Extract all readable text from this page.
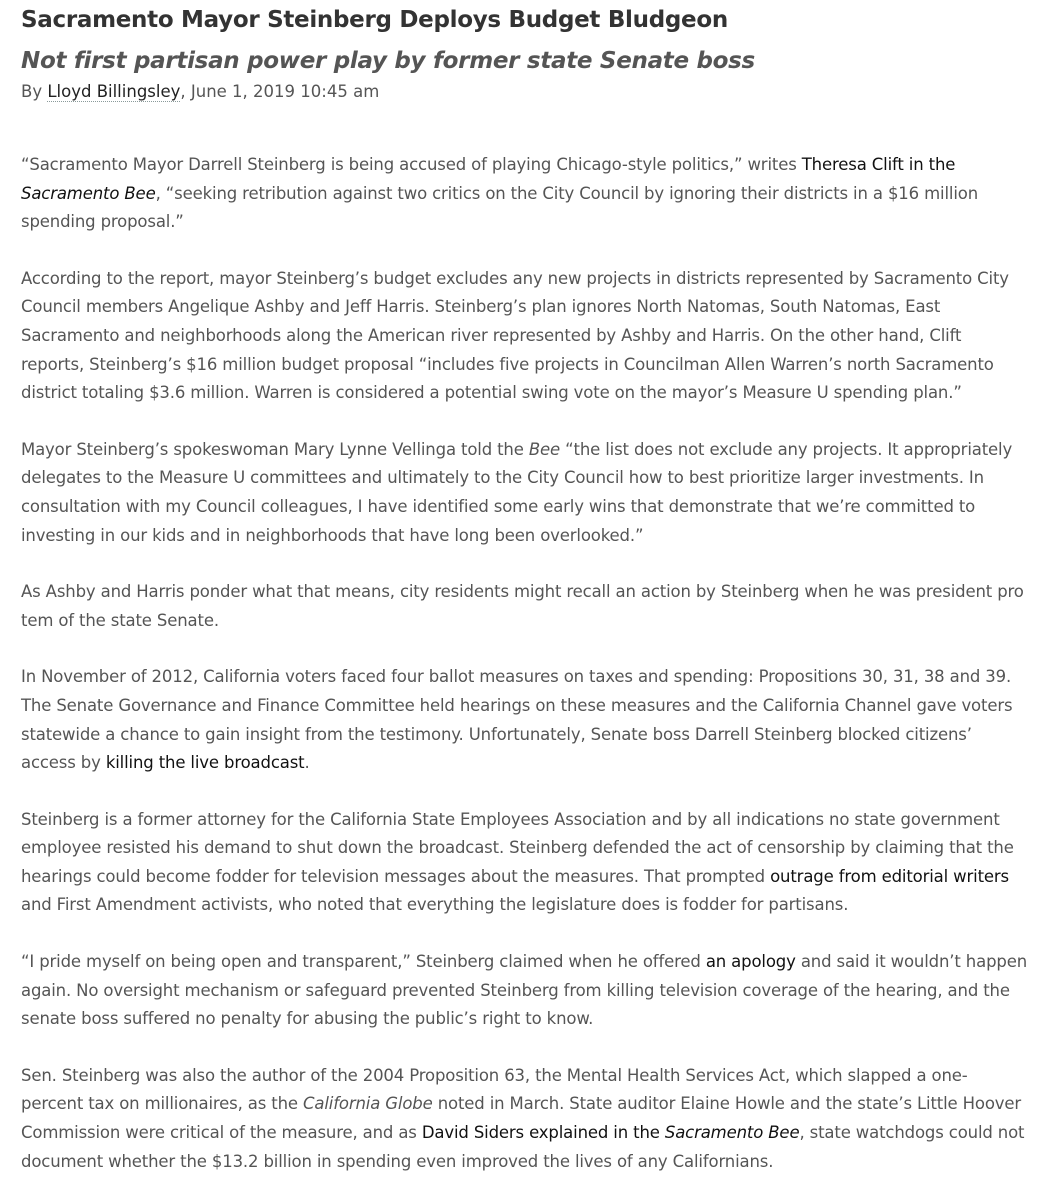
Sacramento Mayor Steinberg Deploys Budget Bludgeon
Not first partisan power play by former state Senate boss
By Lloyd Billingsley, June 1, 2019 10:45 am

“Sacramento Mayor Darrell Steinberg is being accused of playing Chicago-style politics,” writes Theresa Clift in the Sacramento Bee, “seeking retribution against two critics on the City Council by ignoring their districts in a $16 million spending proposal.”

According to the report, mayor Steinberg’s budget excludes any new projects in districts represented by Sacramento City Council members Angelique Ashby and Jeff Harris. Steinberg’s plan ignores North Natomas, South Natomas, East Sacramento and neighborhoods along the American river represented by Ashby and Harris. On the other hand, Clift reports, Steinberg’s $16 million budget proposal “includes five projects in Councilman Allen Warren’s north Sacramento district totaling $3.6 million. Warren is considered a potential swing vote on the mayor’s Measure U spending plan.”

Mayor Steinberg’s spokeswoman Mary Lynne Vellinga told the Bee “the list does not exclude any projects. It appropriately delegates to the Measure U committees and ultimately to the City Council how to best prioritize larger investments. In consultation with my Council colleagues, I have identified some early wins that demonstrate that we’re committed to investing in our kids and in neighborhoods that have long been overlooked.”

As Ashby and Harris ponder what that means, city residents might recall an action by Steinberg when he was president pro tem of the state Senate.

In November of 2012, California voters faced four ballot measures on taxes and spending: Propositions 30, 31, 38 and 39. The Senate Governance and Finance Committee held hearings on these measures and the California Channel gave voters statewide a chance to gain insight from the testimony. Unfortunately, Senate boss Darrell Steinberg blocked citizens’ access by killing the live broadcast.

Steinberg is a former attorney for the California State Employees Association and by all indications no state government employee resisted his demand to shut down the broadcast. Steinberg defended the act of censorship by claiming that the hearings could become fodder for television messages about the measures. That prompted outrage from editorial writers and First Amendment activists, who noted that everything the legislature does is fodder for partisans.

“I pride myself on being open and transparent,” Steinberg claimed when he offered an apology and said it wouldn’t happen again. No oversight mechanism or safeguard prevented Steinberg from killing television coverage of the hearing, and the senate boss suffered no penalty for abusing the public’s right to know.

Sen. Steinberg was also the author of the 2004 Proposition 63, the Mental Health Services Act, which slapped a one-percent tax on millionaires, as the California Globe noted in March. State auditor Elaine Howle and the state’s Little Hoover Commission were critical of the measure, and as David Siders explained in the Sacramento Bee, state watchdogs could not document whether the $13.2 billion in spending even improved the lives of any Californians.
